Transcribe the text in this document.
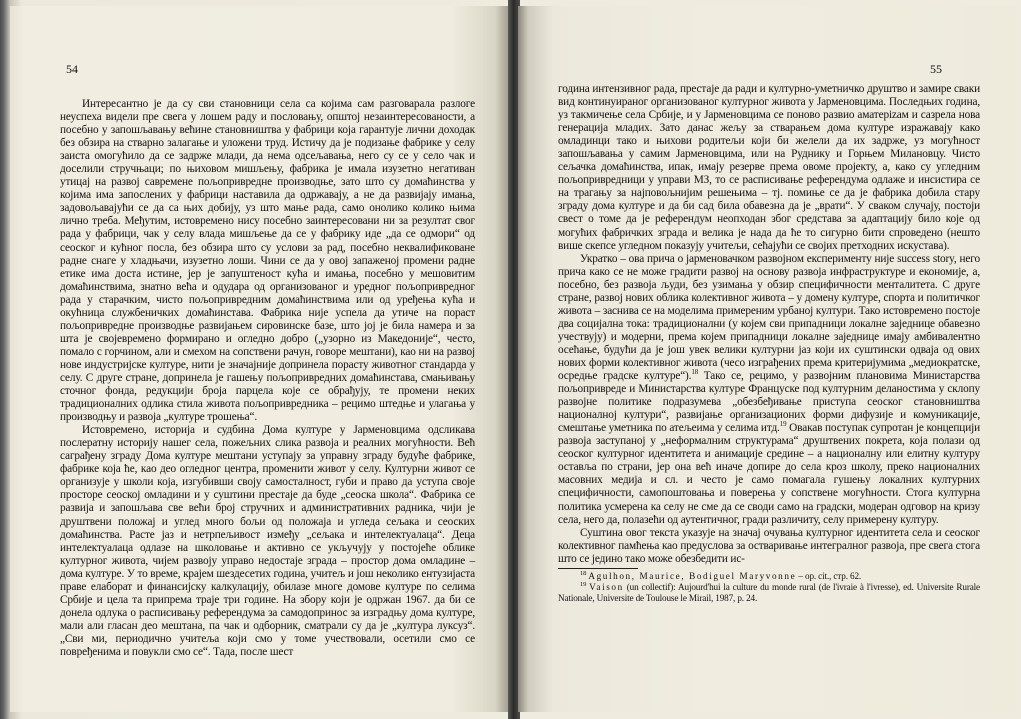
54

Интересантно је да су сви становници села са којима сам разговарала разлоге неуспеха видели пре свега у лошем раду и пословању, општој незаинтересованости, а посебно у запошљавању већине становништва у фабрици која гарантује лични доходак без обзира на стварно залагање и уложени труд. Истичу да је подизање фабрике у селу заиста омогућило да се задрже млади, да нема одсељавања, него су се у село чак и доселили стручњаци; по њиховом мишљењу, фабрика је имала изузетно негативан утицај на развој савремене пољопривредне производње, зато што су домаћинства у којима има запослених у фабрици наставила да одржавају, а не да развијају имања, задовољавајући се да са њих добију, уз што мање рада, само онолико колико њима лично треба. Међутим, истовремено нису посебно заинтересовани ни за резултат свог рада у фабрици, чак у селу влада мишљење да се у фабрику иде „да се одмори“ од сеоског и кућног посла, без обзира што су услови за рад, посебно неквалификоване радне снаге у хладњачи, изузетно лоши. Чини се да у овој запаженој промени радне етике има доста истине, јер је запуштеност кућа и имања, посебно у мешовитим домаћинствима, знатно већа и одудара од организованог и уредног пољопривредног рада у старачким, чисто пољопривредним домаћинствима или од уређења кућа и окућница службеничких домаћинстава. Фабрика није успела да утиче на пораст пољопривредне производње развијањем сировинске базе, што јој је била намера и за шта је својевремено формирано и огледно добро („узорно из Македоније“, често, помало с горчином, али и смехом на сопствени рачун, говоре мештани), као ни на развој нове индустријске културе, нити је значајније допринела порасту животног стандарда у селу. С друге стране, допринела је гашењу пољопривредних домаћинстава, смањивању сточног фонда, редукцији броја парцела које се обрађују, те промени неких традиционалних одлика стила живота пољопривредника – рецимо штедње и улагања у производњу и развоја „културе трошења“.

Истовремено, историја и судбина Дома културе у Јарменовцима одсликава послератну историју нашег села, пожељних слика развоја и реалних могућности. Већ саграђену зграду Дома културе мештани уступају за управну зграду будуће фабрике, фабрике која ће, као део огледног центра, променити живот у селу. Културни живот се организује у школи која, изгубивши своју самосталност, губи и право да уступа своје просторе сеоској омладини и у суштини престаје да буде „сеоска школа“. Фабрика се развија и запошљава све већи број стручних и административних радника, чији је друштвени положај и углед много бољи од положаја и угледа сељака и сеоских домаћинства. Расте јаз и нетрпељивост између „сељака и интелектуалаца“. Деца интелектуалаца одлазе на школовање и активно се укључују у постојеће облике културног живота, чијем развоју управо недостаје зграда – простор дома омладине – дома културе. У то време, крајем шездесетих година, учитељ и још неколико ентузијаста праве елаборат и финансијску калкулацију, обилазе многе домове културе по селима Србије и цела та припрема траје три године. На збору који је одржан 1967. да би се донела одлука о расписивању референдума за самодопринос за изградњу дома културе, мали али гласан део мештана, па чак и одборник, сматрали су да је „културa луксуз“. „Сви ми, периодично учитеља који смо у томе учествовали, осетили смо се повређенима и повукли смо се“. Тада, после шест

55

година интензивног рада, престаје да ради и културно-уметничко друштво и замире сваки вид континуираног организованог културног живота у Јарменовцима. Последњих година, уз такмичење села Србије, и у Јарменовцима се поново развио аматерizам и сазрела нова генерација младих. Зато данас жељу за стварањем дома културе изражавају како омладинци тако и њихови родитељи који би желели да их задрже, уз могућност запошљавања у самим Јарменовцима, или на Руднику и Горњем Милановцу. Чисто сељачка домаћинства, ипак, имају резерве према овоме пројекту, а, како су угледним пољопривредници у управи МЗ, то се расписивање референдума одлаже и инсистира се на трагању за најповољнијим решењима – тј. помиње се да је фабрика добила стару зграду дома културе и да би сад била обавезна да је „врати“. У сваком случају, постоји свест о томе да је референдум неопходан због средстава за адаптацију било које од могућих фабричких зграда и велика је нада да ће то сигурно бити спроведено (нешто више скепсе угледном показују учитељи, сећајући се својих претходних искустава).

Укратко – ова прича о јарменовачком развојном експерименту није success story, него прича како се не може градити развој на основу развоја инфраструктуре и економије, а, посебно, без развоја људи, без узимања у обзир специфичности менталитета. С друге стране, развој нових облика колективног живота – у домену културе, спорта и политичког живота – заснива се на моделима примереним урбаној култури. Тако истовремено постоје два социјална тока: традиционални (у којем сви припадници локалне заједнице обавезно учествују) и модерни, према којем припадници локалне заједнице имају амбивалентно осећање, будући да је још увек велики културни јаз који их суштински одваја од ових нових форми колективног живота (чесо изграђених према критеријумима „медиократске, осредње градске културе“).$^{18}$ Тако се, рецимо, у развојним плановима Министарства пољопривреде и Министарства културе Француске под културним деланостима у склопу развојне политике подразумева „обезбеђивање приступа сеоског становништва националној култури“, развијање организационих форми дифузије и комуникације, смештање уметника по атељеима у селима итд.$^{19}$ Овакав поступак супротан је концепцији развоја заступаној у „неформалним структурама“ друштвених покрета, која полази од сеоског културног идентитета и анимације средине – а националну или елитну културу оставља по страни, јер она већ иначе допире до села кроз школу, преко националних масовних медија и сл. и често је само помагала гушењу локалних културних специфичности, самопоштовања и поверења у сопствене могућности. Стога културна политика усмерена ка селу не сме да се своди само на градски, модеран одговор на кризу села, него да, полазећи од аутентичног, гради различиту, селу примерену културу.

Суштина овог текста указује на значај очувања културног идентитета села и сеоског колективног памћења као предуслова за остваривање интегралног развоја, пре свега стога што се једино тако може обезбедити ис-

$^{18}$ Agulhon, Maurice, Bodiguel Maryvonne – op. cit., стр. 62.

$^{19}$ Vaison (un collectif): Aujourd'hui la culture du monde rural (de l'ivraie à l'ivresse), ed. Universite Rurale Nationale, Universite de Toulouse le Mirail, 1987, p. 24.
